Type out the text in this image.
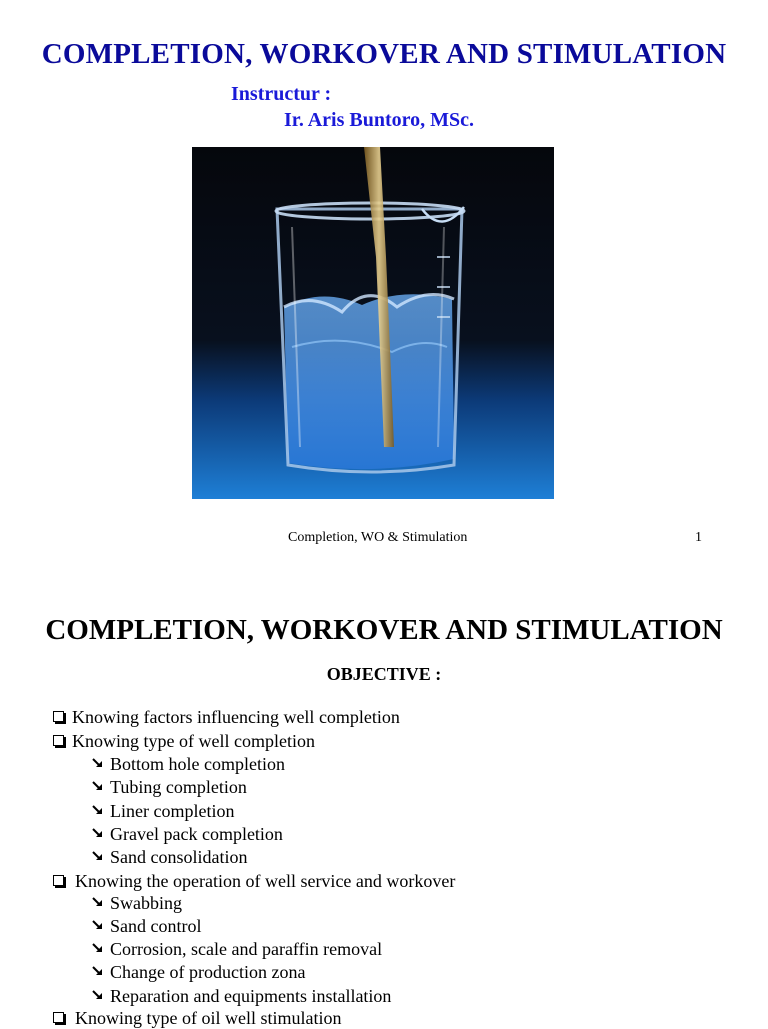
COMPLETION, WORKOVER AND STIMULATION
Instructur :
Ir. Aris Buntoro, MSc.
Completion, WO & Stimulation	1
COMPLETION, WORKOVER AND STIMULATION
OBJECTIVE :
Knowing factors influencing well completion
Knowing type of well completion
Bottom hole completion
Tubing completion
Liner completion
Gravel pack completion
Sand consolidation
Knowing the operation of well service and workover
Swabbing
Sand control
Corrosion, scale and paraffin removal
Change of production zona
Reparation and equipments installation
Knowing type of oil well stimulation
